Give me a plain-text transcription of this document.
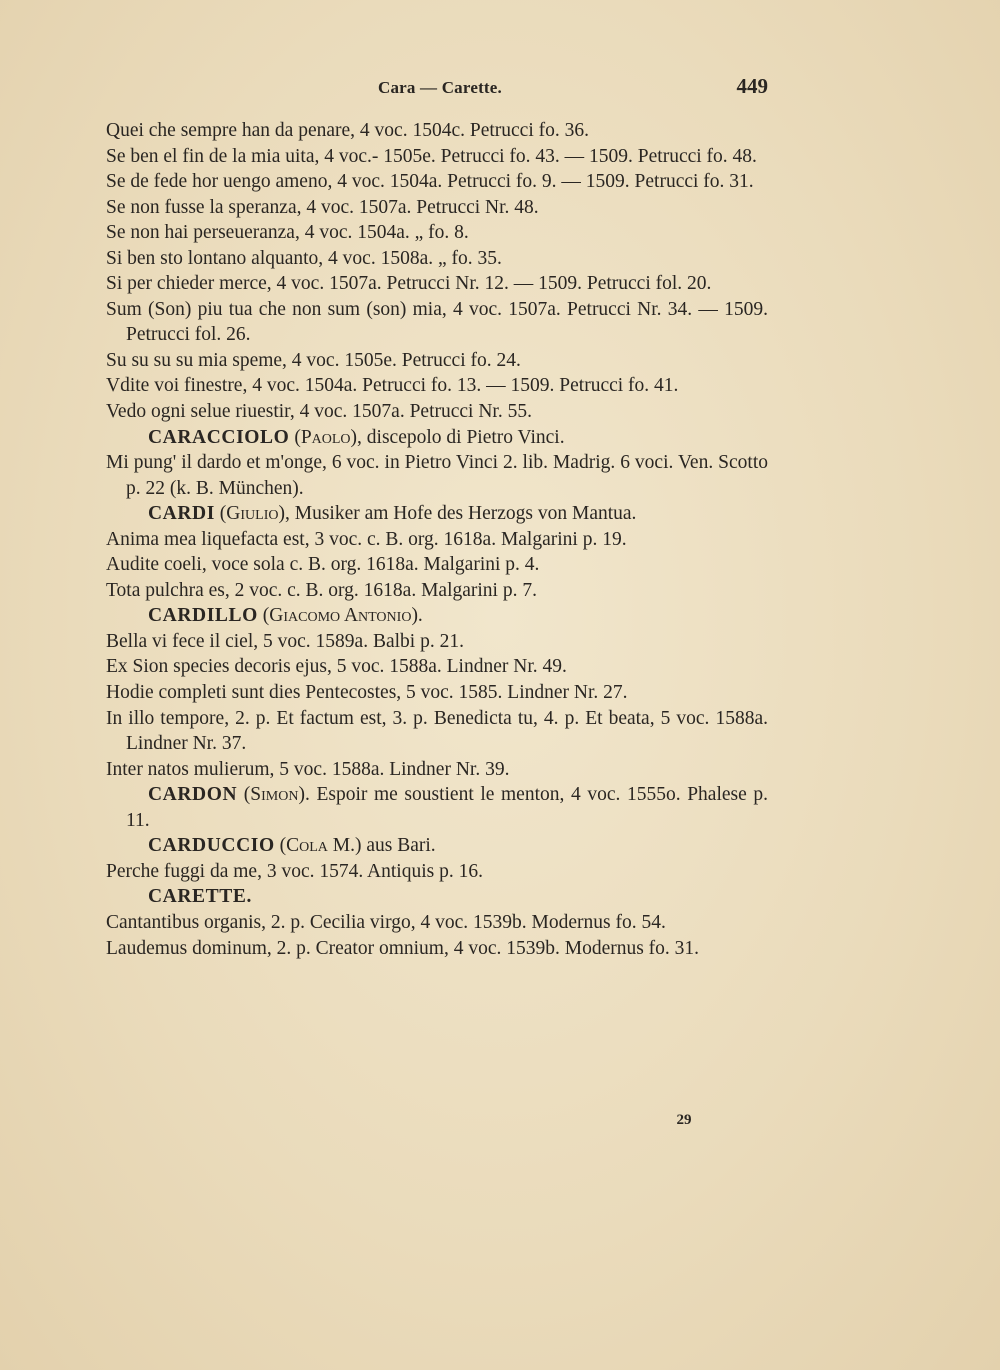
Cara — Carette.	449
Quei che sempre han da penare, 4 voc. 1504c. Petrucci fo. 36.
Se ben el fin de la mia uita, 4 voc.- 1505e. Petrucci fo. 43. — 1509. Petrucci fo. 48.
Se de fede hor uengo ameno, 4 voc. 1504a. Petrucci fo. 9. — 1509. Petrucci fo. 31.
Se non fusse la speranza, 4 voc. 1507a. Petrucci Nr. 48.
Se non hai perseueranza, 4 voc. 1504a. „ fo. 8.
Si ben sto lontano alquanto, 4 voc. 1508a. „ fo. 35.
Si per chieder merce, 4 voc. 1507a. Petrucci Nr. 12. — 1509. Petrucci fol. 20.
Sum (Son) piu tua che non sum (son) mia, 4 voc. 1507a. Petrucci Nr. 34. — 1509. Petrucci fol. 26.
Su su su su mia speme, 4 voc. 1505e. Petrucci fo. 24.
Vdite voi finestre, 4 voc. 1504a. Petrucci fo. 13. — 1509. Petrucci fo. 41.
Vedo ogni selue riuestir, 4 voc. 1507a. Petrucci Nr. 55.
CARACCIOLO (Paolo), discepolo di Pietro Vinci.
Mi pung' il dardo et m'onge, 6 voc. in Pietro Vinci 2. lib. Madrig. 6 voci. Ven. Scotto p. 22 (k. B. München).
CARDI (Giulio), Musiker am Hofe des Herzogs von Mantua.
Anima mea liquefacta est, 3 voc. c. B. org. 1618a. Malgarini p. 19.
Audite coeli, voce sola c. B. org. 1618a. Malgarini p. 4.
Tota pulchra es, 2 voc. c. B. org. 1618a. Malgarini p. 7.
CARDILLO (Giacomo Antonio).
Bella vi fece il ciel, 5 voc. 1589a. Balbi p. 21.
Ex Sion species decoris ejus, 5 voc. 1588a. Lindner Nr. 49.
Hodie completi sunt dies Pentecostes, 5 voc. 1585. Lindner Nr. 27.
In illo tempore, 2. p. Et factum est, 3. p. Benedicta tu, 4. p. Et beata, 5 voc. 1588a. Lindner Nr. 37.
Inter natos mulierum, 5 voc. 1588a. Lindner Nr. 39.
CARDON (Simon). Espoir me soustient le menton, 4 voc. 1555o. Phalese p. 11.
CARDUCCIO (Cola M.) aus Bari.
Perche fuggi da me, 3 voc. 1574. Antiquis p. 16.
CARETTE.
Cantantibus organis, 2. p. Cecilia virgo, 4 voc. 1539b. Modernus fo. 54.
Laudemus dominum, 2. p. Creator omnium, 4 voc. 1539b. Modernus fo. 31.
29
